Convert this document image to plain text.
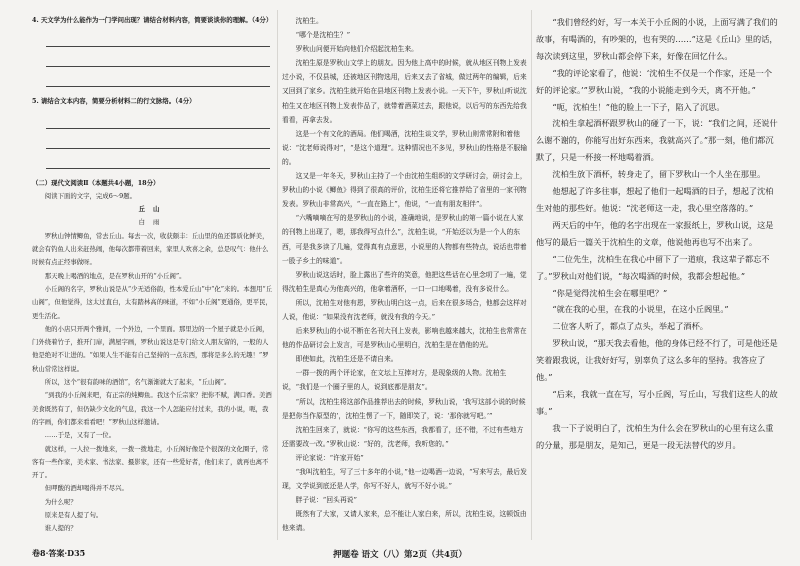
4. 天文学为什么能作为一门学问出现？请结合材料内容，简要谈谈你的理解。（4分）

5. 请结合文本内容，简要分析材料二的行文脉络。（4分）

（二）现代文阅读Ⅱ（本题共4小题，18分）

阅读下面的文字，完成6～9题。

丘山

白雨

罗秋山钟情鲫鱼，常去丘山。每去一次，收获颇丰：丘山里的鱼还都质化鲜美，就会有钓鱼人出来赶热闹，他每次都带着回来，家里人欢喜之余，总是叹气：他什么时候有点正经事做呀。

那天晚上喝酒的地点，是在罗秋山开的“小丘阁”。

小丘阁的名字，罗秋山说是从“少无适俗韵，性本爱丘山”中“化”来的。本想用“丘山阁”，但他觉得，这太过直白，太有踏林高的味道，不如“小丘阁”更通俗，更平民，更生活化。

他的小店只开两个雅间，一个外边，一个里面。那里边的一个屋子就是小丘阁，门外绕着竹子，推开门扉，满屋字画，罗秋山说这是专门给文人朋友留的，一般的人他是绝对不让进的。“如果人生不能有自己坚持的一点东西，那将是多么的无趣！”罗秋山常常这样说。

所以，这个“很有韵味的酒馆”，名气渐渐就大了起来，“丘山阁”。

“到我的小丘阁来吧，有正宗的炖鲫鱼。我这个丘宗家？把你不赋，满口香。美酒美食既然有了，但仍缺少文化的气息，我这一个人怎能应付过来，我的小说，呃，我的字画，你们都来看看吧！”罗秋山这样邀请。

……于是，又有了一位。

就这样，一人拉一拨地来，一拨一拨地走，小丘阁好像是个很深的文化圈子，常客有一些作家，美术家、书法家、摄影家，还有一些爱好者，他们来了，就再也离不开了。

但呷酸的酒却喝得并不尽兴。

为什么呢？

原来是有人提了句。

谁人提的？

沈柏生。

“哪个是沈柏生？”

罗秋山问便开始向他们介绍起沈柏生来。

沈柏生原是罗秋山文学上的朋友。因为他上高中的时候，就从地区刊物上发表过小说，不仅县城，还被地区刊物选用，后来又去了省城，做过两年的编辑，后来又回到了家乡。沈柏生就开始在县地区刊物上发表小说。一天下午，罗秋山听说沈柏生又在地区刊物上发表作品了，就带着酒菜过去，跟他说，以后写的东西先给我看看，再拿去发。

这是一个有文化的酒局。他们喝酒，沈柏生谈文学，罗秋山则常常附和着他说：“沈老师说得对”，“是这个道理”。这种情况也不多见，罗秋山的性格是不服输的。

这又是一年冬天，罗秋山主持了一个由沈柏生组织的文学研讨会，研讨会上，罗秋山的小说《鲫鱼》得到了很高的评价，沈柏生还将它推荐给了省里的一家刊物发表。罗秋山非常高兴，“一直在路上”，他说，“一直有朋友相伴”。

“六嘴嘀嘀在写的是罗秋山的小说，准确地说，是罗秋山的第一篇小说在人家的刊物上出现了，嗯，那我得写点什么”，沈柏生说，“开始还以为是一个人的东西，可是我多读了几遍，觉得真有点意思，小说里的人物都有些特点，说话也带着一股子乡土的味道”。

罗秋山说这话时，脸上露出了些许的笑意，他把这些话在心里念叨了一遍，觉得沈柏生是真心为他高兴的，他拿着酒杯，一口一口地喝着，没有多说什么。

所以，沈柏生对他有恩，罗秋山明白这一点，后来在很多场合，他都会这样对人说，他说：“如果没有沈老师，就没有我的今天。”

后来罗秋山的小说不断在名刊大刊上发表，影响也越来越大，沈柏生也常常在他的作品研讨会上发言，可是罗秋山心里明白，沈柏生是在借他的光。

即使如此，沈柏生还是不请自来。

一群一拨的两个评论家，在文坛上互捧对方，是现象级的人物。沈柏生说，“我们是一个圈子里的人，说到底都是朋友”。

“所以，沈柏生将这部作品推荐出去的时候，罗秋山说，‘我写这部小说的时候是把你当作原型的’，沈柏生愣了一下，随即笑了，说：‘那你就写吧。’”

沈柏生回来了，就说：“你写的这些东西，我都看了，还不错，不过有些地方还需要改一改。”罗秋山说：“好的，沈老师，我听您的。”

评论家说：“许家开始”

“我叫沈柏生，写了三十多年的小说，”他一边喝酒一边说，“写来写去，最后发现，文学说到底还是人学，你写不好人，就写不好小说。”

胖子说：“回头再说”

既然有了大家，又请人家来，总不能让人家白来，所以，沈柏生说，这顿饭由他来请。

“我们曾经约好，写一本关于小丘阁的小说，上面写满了我们的故事，有喝酒的，有吵架的，也有哭的……”这是《丘山》里的话，每次读到这里，罗秋山都会停下来，好像在回忆什么。

“我的评论家看了，他说：‘沈柏生不仅是一个作家，还是一个好的评论家。’”罗秋山说，“我的小说能走到今天，离不开他。”

“呃，沈柏生！”他的脸上一下子，陷入了沉思。

沈柏生拿起酒杯跟罗秋山的碰了一下，说：“我们之间，还说什么谢不谢的，你能写出好东西来，我就高兴了。”那一刻，他们都沉默了，只是一杯接一杯地喝着酒。

沈柏生放下酒杯，转身走了，留下罗秋山一个人坐在那里。

他想起了许多往事，想起了他们一起喝酒的日子，想起了沈柏生对他的那些好。他说：“沈老师这一走，我心里空落落的。”

两天后的中午，他的名字出现在一家报纸上，罗秋山说，这是他写的最后一篇关于沈柏生的文章，他说他再也写不出来了。

“二位先生，沈柏生在我心中留下了一道痕，我这辈子都忘不了。”罗秋山对他们说，“每次喝酒的时候，我都会想起他。”

“你是觉得沈柏生会在哪里吧？”

“就在我的心里，在我的小说里，在这小丘阁里。”

二位客人听了，都点了点头，举起了酒杯。

罗秋山说，“那天我去看他，他的身体已经不行了，可是他还是笑着跟我说，让我好好写，别辜负了这么多年的坚持。我答应了他。”

“后来，我就一直在写，写小丘阁，写丘山，写我们这些人的故事。”

我一下子说明白了，沈柏生为什么会在罗秋山的心里有这么重的分量，那是朋友，是知己，更是一段无法替代的岁月。

卷8·答案·D35	押题卷 语文（八）第2页（共4页）
